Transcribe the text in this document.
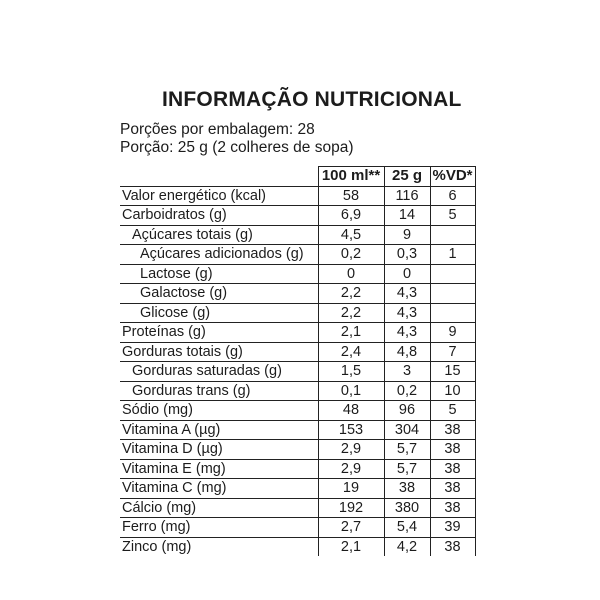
INFORMAÇÃO NUTRICIONAL
Porções por embalagem: 28
Porção: 25 g (2 colheres de sopa)
	100 ml**	25 g	%VD*
Valor energético (kcal)	58	116	6
Carboidratos (g)	6,9	14	5
Açúcares totais (g)	4,5	9	
Açúcares adicionados (g)	0,2	0,3	1
Lactose (g)	0	0	
Galactose (g)	2,2	4,3	
Glicose (g)	2,2	4,3	
Proteínas (g)	2,1	4,3	9
Gorduras totais (g)	2,4	4,8	7
Gorduras saturadas (g)	1,5	3	15
Gorduras trans (g)	0,1	0,2	10
Sódio (mg)	48	96	5
Vitamina A (µg)	153	304	38
Vitamina D (µg)	2,9	5,7	38
Vitamina E (mg)	2,9	5,7	38
Vitamina C (mg)	19	38	38
Cálcio (mg)	192	380	38
Ferro (mg)	2,7	5,4	39
Zinco (mg)	2,1	4,2	38
